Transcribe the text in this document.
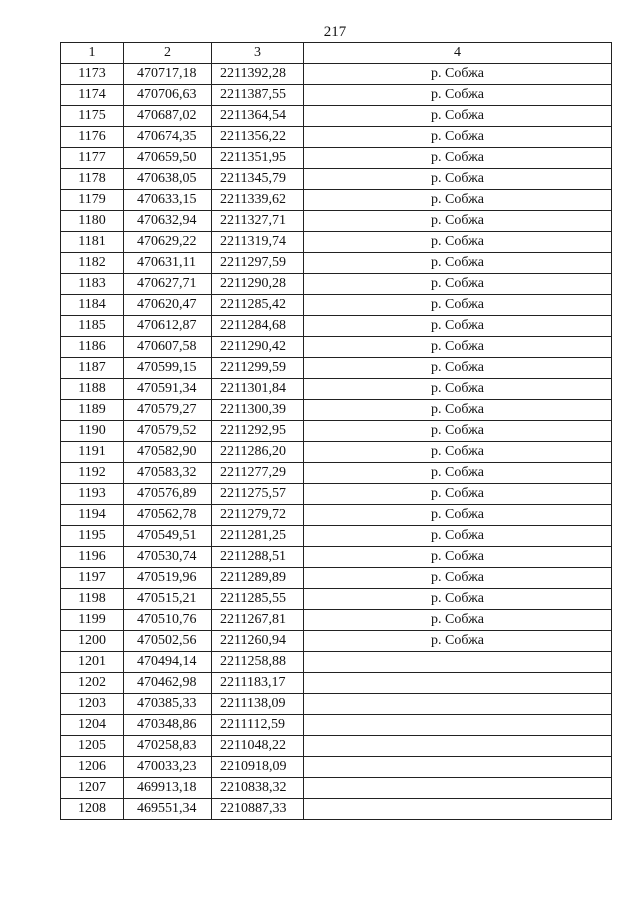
217
1	2	3	4
1173	470717,18	2211392,28	р. Собжа
1174	470706,63	2211387,55	р. Собжа
1175	470687,02	2211364,54	р. Собжа
1176	470674,35	2211356,22	р. Собжа
1177	470659,50	2211351,95	р. Собжа
1178	470638,05	2211345,79	р. Собжа
1179	470633,15	2211339,62	р. Собжа
1180	470632,94	2211327,71	р. Собжа
1181	470629,22	2211319,74	р. Собжа
1182	470631,11	2211297,59	р. Собжа
1183	470627,71	2211290,28	р. Собжа
1184	470620,47	2211285,42	р. Собжа
1185	470612,87	2211284,68	р. Собжа
1186	470607,58	2211290,42	р. Собжа
1187	470599,15	2211299,59	р. Собжа
1188	470591,34	2211301,84	р. Собжа
1189	470579,27	2211300,39	р. Собжа
1190	470579,52	2211292,95	р. Собжа
1191	470582,90	2211286,20	р. Собжа
1192	470583,32	2211277,29	р. Собжа
1193	470576,89	2211275,57	р. Собжа
1194	470562,78	2211279,72	р. Собжа
1195	470549,51	2211281,25	р. Собжа
1196	470530,74	2211288,51	р. Собжа
1197	470519,96	2211289,89	р. Собжа
1198	470515,21	2211285,55	р. Собжа
1199	470510,76	2211267,81	р. Собжа
1200	470502,56	2211260,94	р. Собжа
1201	470494,14	2211258,88	
1202	470462,98	2211183,17	
1203	470385,33	2211138,09	
1204	470348,86	2211112,59	
1205	470258,83	2211048,22	
1206	470033,23	2210918,09	
1207	469913,18	2210838,32	
1208	469551,34	2210887,33	
